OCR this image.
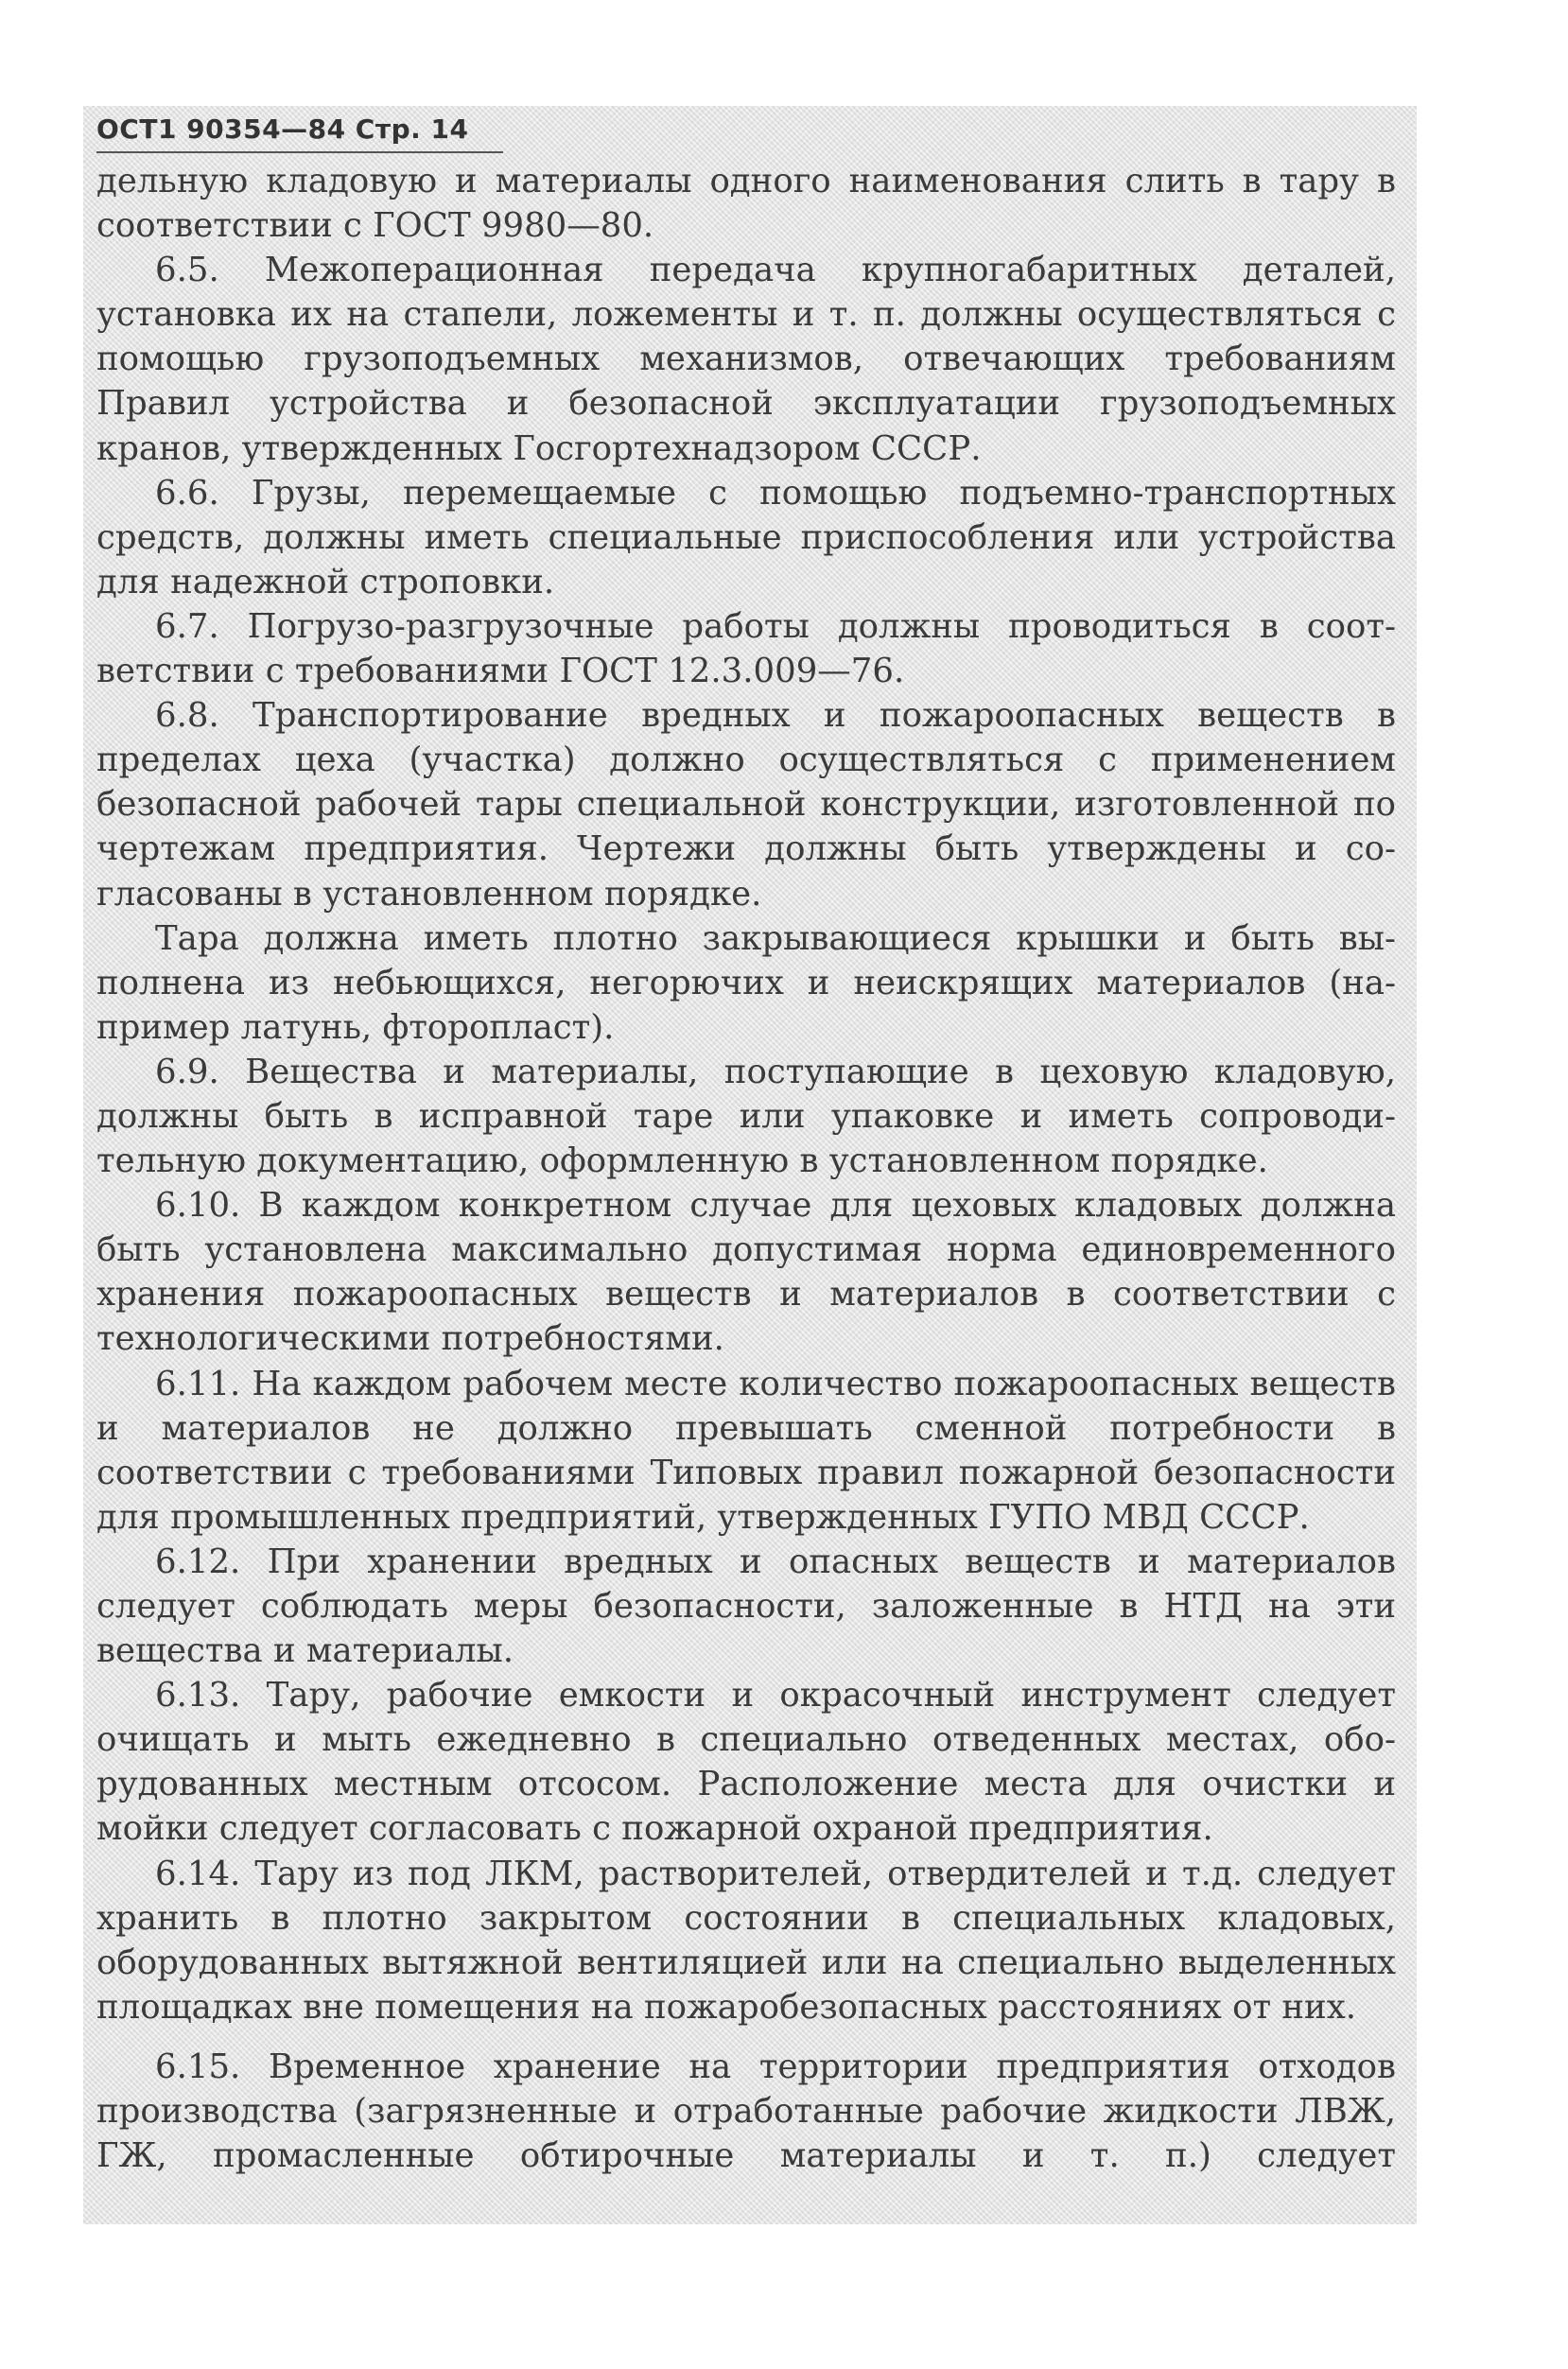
ОСТ1 90354—84 Стр. 14

дельную кладовую и материалы одного наименования слить в тару в соответствии с ГОСТ 9980—80.

6.5. Межоперационная передача крупногабаритных деталей, установка их на стапели, ложементы и т. п. должны осуществляться с помощью грузоподъемных механизмов, отвечающих требованиям Правил устройства и безопасной эксплуатации грузоподъемных кранов, утвержденных Госгортехнадзором СССР.

6.6. Грузы, перемещаемые с помощью подъемно-транспортных средств, должны иметь специальные приспособления или устройства для надежной строповки.

6.7. Погрузо-разгрузочные работы должны проводиться в соответствии с требованиями ГОСТ 12.3.009—76.

6.8. Транспортирование вредных и пожароопасных веществ в пределах цеха (участка) должно осуществляться с применением безопасной рабочей тары специальной конструкции, изготовленной по чертежам предприятия. Чертежи должны быть утверждены и согласованы в установленном порядке.

Тара должна иметь плотно закрывающиеся крышки и быть выполнена из небьющихся, негорючих и неискрящих материалов (например латунь, фторопласт).

6.9. Вещества и материалы, поступающие в цеховую кладовую, должны быть в исправной таре или упаковке и иметь сопроводительную документацию, оформленную в установленном порядке.

6.10. В каждом конкретном случае для цеховых кладовых должна быть установлена максимально допустимая норма единовременного хранения пожароопасных веществ и материалов в соответствии с технологическими потребностями.

6.11. На каждом рабочем месте количество пожароопасных веществ и материалов не должно превышать сменной потребности в соответствии с требованиями Типовых правил пожарной безопасности для промышленных предприятий, утвержденных ГУПО МВД СССР.

6.12. При хранении вредных и опасных веществ и материалов следует соблюдать меры безопасности, заложенные в НТД на эти вещества и материалы.

6.13. Тару, рабочие емкости и окрасочный инструмент следует очищать и мыть ежедневно в специально отведенных местах, оборудованных местным отсосом. Расположение места для очистки и мойки следует согласовать с пожарной охраной предприятия.

6.14. Тару из под ЛКМ, растворителей, отвердителей и т.д. следует хранить в плотно закрытом состоянии в специальных кладовых, оборудованных вытяжной вентиляцией или на специально выделенных площадках вне помещения на пожаробезопасных расстояниях от них.

6.15. Временное хранение на территории предприятия отходов производства (загрязненные и отработанные рабочие жидкости ЛВЖ, ГЖ, промасленные обтирочные материалы и т. п.) следует
